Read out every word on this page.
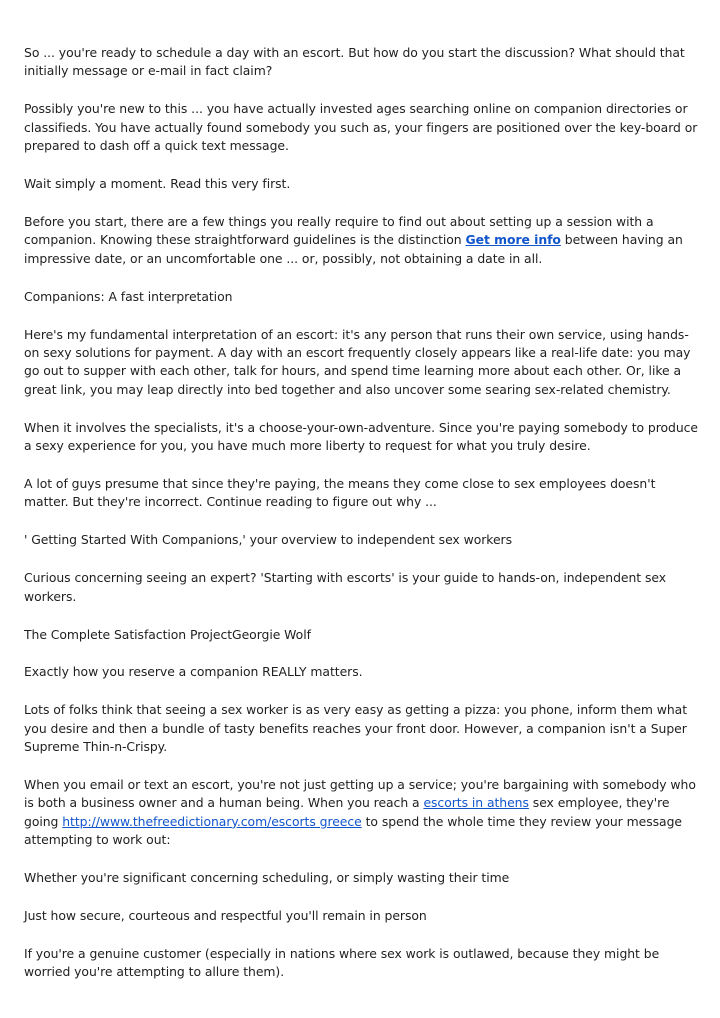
So ... you're ready to schedule a day with an escort. But how do you start the discussion? What should that initially message or e-mail in fact claim?

Possibly you're new to this ... you have actually invested ages searching online on companion directories or classifieds. You have actually found somebody you such as, your fingers are positioned over the key-board or prepared to dash off a quick text message.

Wait simply a moment. Read this very first.

Before you start, there are a few things you really require to find out about setting up a session with a companion. Knowing these straightforward guidelines is the distinction Get more info between having an impressive date, or an uncomfortable one ... or, possibly, not obtaining a date in all.

Companions: A fast interpretation

Here's my fundamental interpretation of an escort: it's any person that runs their own service, using hands-on sexy solutions for payment. A day with an escort frequently closely appears like a real-life date: you may go out to supper with each other, talk for hours, and spend time learning more about each other. Or, like a great link, you may leap directly into bed together and also uncover some searing sex-related chemistry.

When it involves the specialists, it's a choose-your-own-adventure. Since you're paying somebody to produce a sexy experience for you, you have much more liberty to request for what you truly desire.

A lot of guys presume that since they're paying, the means they come close to sex employees doesn't matter. But they're incorrect. Continue reading to figure out why ...

' Getting Started With Companions,' your overview to independent sex workers

Curious concerning seeing an expert? 'Starting with escorts' is your guide to hands-on, independent sex workers.

The Complete Satisfaction ProjectGeorgie Wolf

Exactly how you reserve a companion REALLY matters.

Lots of folks think that seeing a sex worker is as very easy as getting a pizza: you phone, inform them what you desire and then a bundle of tasty benefits reaches your front door. However, a companion isn't a Super Supreme Thin-n-Crispy.

When you email or text an escort, you're not just getting up a service; you're bargaining with somebody who is both a business owner and a human being. When you reach a escorts in athens sex employee, they're going http://www.thefreedictionary.com/escorts greece to spend the whole time they review your message attempting to work out:

Whether you're significant concerning scheduling, or simply wasting their time

Just how secure, courteous and respectful you'll remain in person

If you're a genuine customer (especially in nations where sex work is outlawed, because they might be worried you're attempting to allure them).
